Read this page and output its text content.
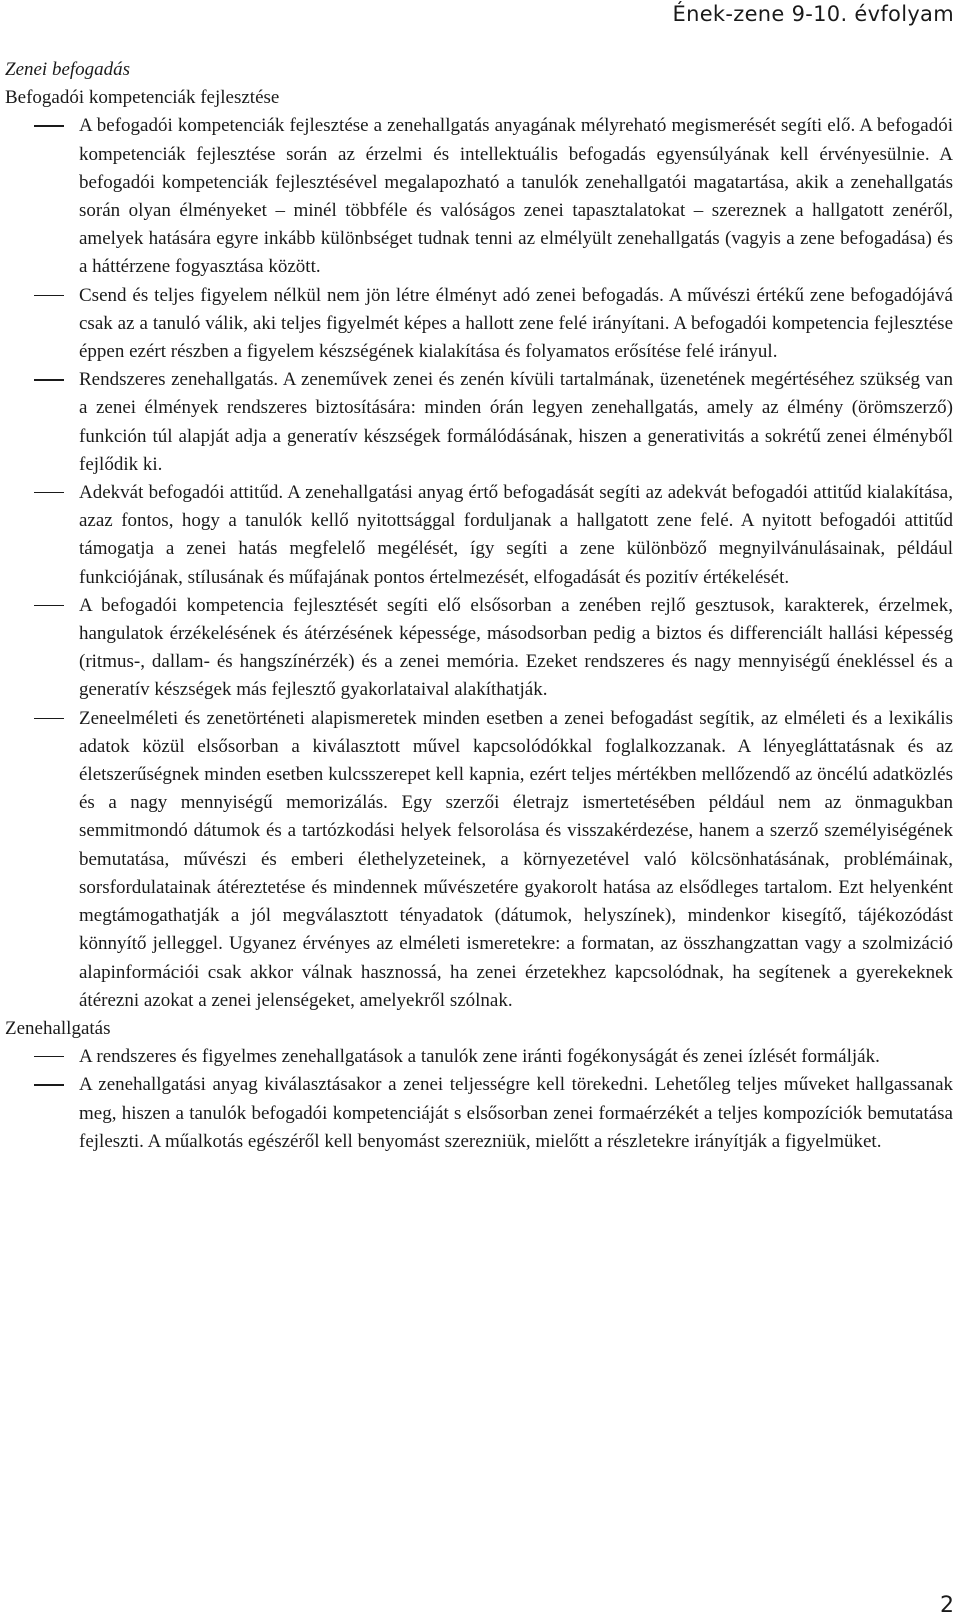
Ének-zene 9-10. évfolyam

Zenei befogadás

Befogadói kompetenciák fejlesztése

A befogadói kompetenciák fejlesztése a zenehallgatás anyagának mélyreható megismerését segíti elő. A befogadói kompetenciák fejlesztése során az érzelmi és intellektuális befogadás egyensúlyának kell érvényesülnie. A befogadói kompetenciák fejlesztésével megalapozható a tanulók zenehallgatói magatartása, akik a zenehallgatás során olyan élményeket – minél többféle és valóságos zenei tapasztalatokat – szereznek a hallgatott zenéről, amelyek hatására egyre inkább különbséget tudnak tenni az elmélyült zenehallgatás (vagyis a zene befogadása) és a háttérzene fogyasztása között.
Csend és teljes figyelem nélkül nem jön létre élményt adó zenei befogadás. A művészi értékű zene befogadójává csak az a tanuló válik, aki teljes figyelmét képes a hallott zene felé irányítani. A befogadói kompetencia fejlesztése éppen ezért részben a figyelem készségének kialakítása és folyamatos erősítése felé irányul.
Rendszeres zenehallgatás. A zeneművek zenei és zenén kívüli tartalmának, üzenetének megértéséhez szükség van a zenei élmények rendszeres biztosítására: minden órán legyen zenehallgatás, amely az élmény (örömszerző) funkción túl alapját adja a generatív készségek formálódásának, hiszen a generativitás a sokrétű zenei élményből fejlődik ki.
Adekvát befogadói attitűd. A zenehallgatási anyag értő befogadását segíti az adekvát befogadói attitűd kialakítása, azaz fontos, hogy a tanulók kellő nyitottsággal forduljanak a hallgatott zene felé. A nyitott befogadói attitűd támogatja a zenei hatás megfelelő megélését, így segíti a zene különböző megnyilvánulásainak, például funkciójának, stílusának és műfajának pontos értelmezését, elfogadását és pozitív értékelését.
A befogadói kompetencia fejlesztését segíti elő elsősorban a zenében rejlő gesztusok, karakterek, érzelmek, hangulatok érzékelésének és átérzésének képessége, másodsorban pedig a biztos és differenciált hallási képesség (ritmus-, dallam- és hangszínérzék) és a zenei memória. Ezeket rendszeres és nagy mennyiségű énekléssel és a generatív készségek más fejlesztő gyakorlataival alakíthatják.
Zeneelméleti és zenetörténeti alapismeretek minden esetben a zenei befogadást segítik, az elméleti és a lexikális adatok közül elsősorban a kiválasztott művel kapcsolódókkal foglalkozzanak. A lényegláttatásnak és az életszerűségnek minden esetben kulcsszerepet kell kapnia, ezért teljes mértékben mellőzendő az öncélú adatközlés és a nagy mennyiségű memorizálás. Egy szerzői életrajz ismertetésében például nem az önmagukban semmitmondó dátumok és a tartózkodási helyek felsorolása és visszakérdezése, hanem a szerző személyiségének bemutatása, művészi és emberi élethelyzeteinek, a környezetével való kölcsönhatásának, problémáinak, sorsfordulatainak átéreztetése és mindennek művészetére gyakorolt hatása az elsődleges tartalom. Ezt helyenként megtámogathatják a jól megválasztott tényadatok (dátumok, helyszínek), mindenkor kisegítő, tájékozódást könnyítő jelleggel. Ugyanez érvényes az elméleti ismeretekre: a formatan, az összhangzattan vagy a szolmizáció alapinformációi csak akkor válnak hasznossá, ha zenei érzetekhez kapcsolódnak, ha segítenek a gyerekeknek átérezni azokat a zenei jelenségeket, amelyekről szólnak.

Zenehallgatás

A rendszeres és figyelmes zenehallgatások a tanulók zene iránti fogékonyságát és zenei ízlését formálják.
A zenehallgatási anyag kiválasztásakor a zenei teljességre kell törekedni. Lehetőleg teljes műveket hallgassanak meg, hiszen a tanulók befogadói kompetenciáját s elsősorban zenei formaérzékét a teljes kompozíciók bemutatása fejleszti. A műalkotás egészéről kell benyomást szerezniük, mielőtt a részletekre irányítják a figyelmüket.
2
